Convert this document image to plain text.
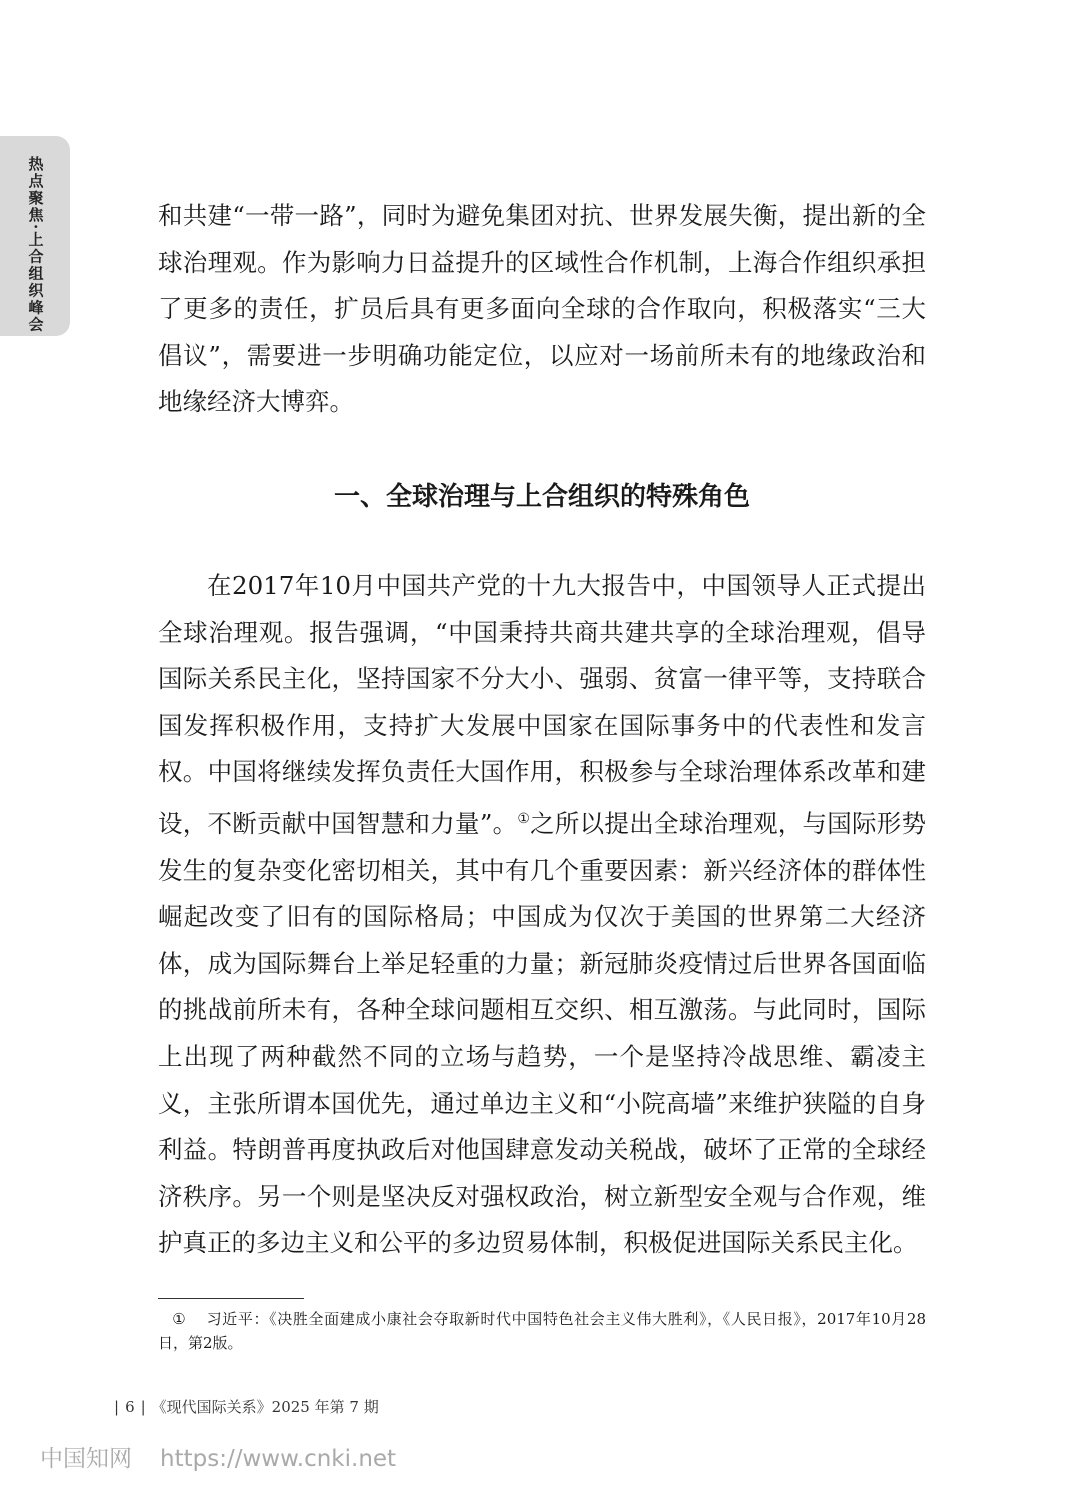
热点聚焦·上合组织峰会	和共建“一带一路”，同时为避免集团对抗、世界发展失衡，提出新的全球治理观。作为影响力日益提升的区域性合作机制，上海合作组织承担了更多的责任，扩员后具有更多面向全球的合作取向，积极落实“三大倡议”，需要进一步明确功能定位，以应对一场前所未有的地缘政治和地缘经济大博弈。

一、全球治理与上合组织的特殊角色

在2017年10月中国共产党的十九大报告中，中国领导人正式提出全球治理观。报告强调，“中国秉持共商共建共享的全球治理观，倡导国际关系民主化，坚持国家不分大小、强弱、贫富一律平等，支持联合国发挥积极作用，支持扩大发展中国家在国际事务中的代表性和发言权。中国将继续发挥负责任大国作用，积极参与全球治理体系改革和建设，不断贡献中国智慧和力量”。①之所以提出全球治理观，与国际形势发生的复杂变化密切相关，其中有几个重要因素：新兴经济体的群体性崛起改变了旧有的国际格局；中国成为仅次于美国的世界第二大经济体，成为国际舞台上举足轻重的力量；新冠肺炎疫情过后世界各国面临的挑战前所未有，各种全球问题相互交织、相互激荡。与此同时，国际上出现了两种截然不同的立场与趋势，一个是坚持冷战思维、霸凌主义，主张所谓本国优先，通过单边主义和“小院高墙”来维护狭隘的自身利益。特朗普再度执政后对他国肆意发动关税战，破坏了正常的全球经济秩序。另一个则是坚决反对强权政治，树立新型安全观与合作观，维护真正的多边主义和公平的多边贸易体制，积极促进国际关系民主化。

① 习近平：《决胜全面建成小康社会夺取新时代中国特色社会主义伟大胜利》，《人民日报》，2017年10月28日，第2版。

| 6 | 《现代国际关系》2025 年第 7 期
中国知网 https://www.cnki.net
